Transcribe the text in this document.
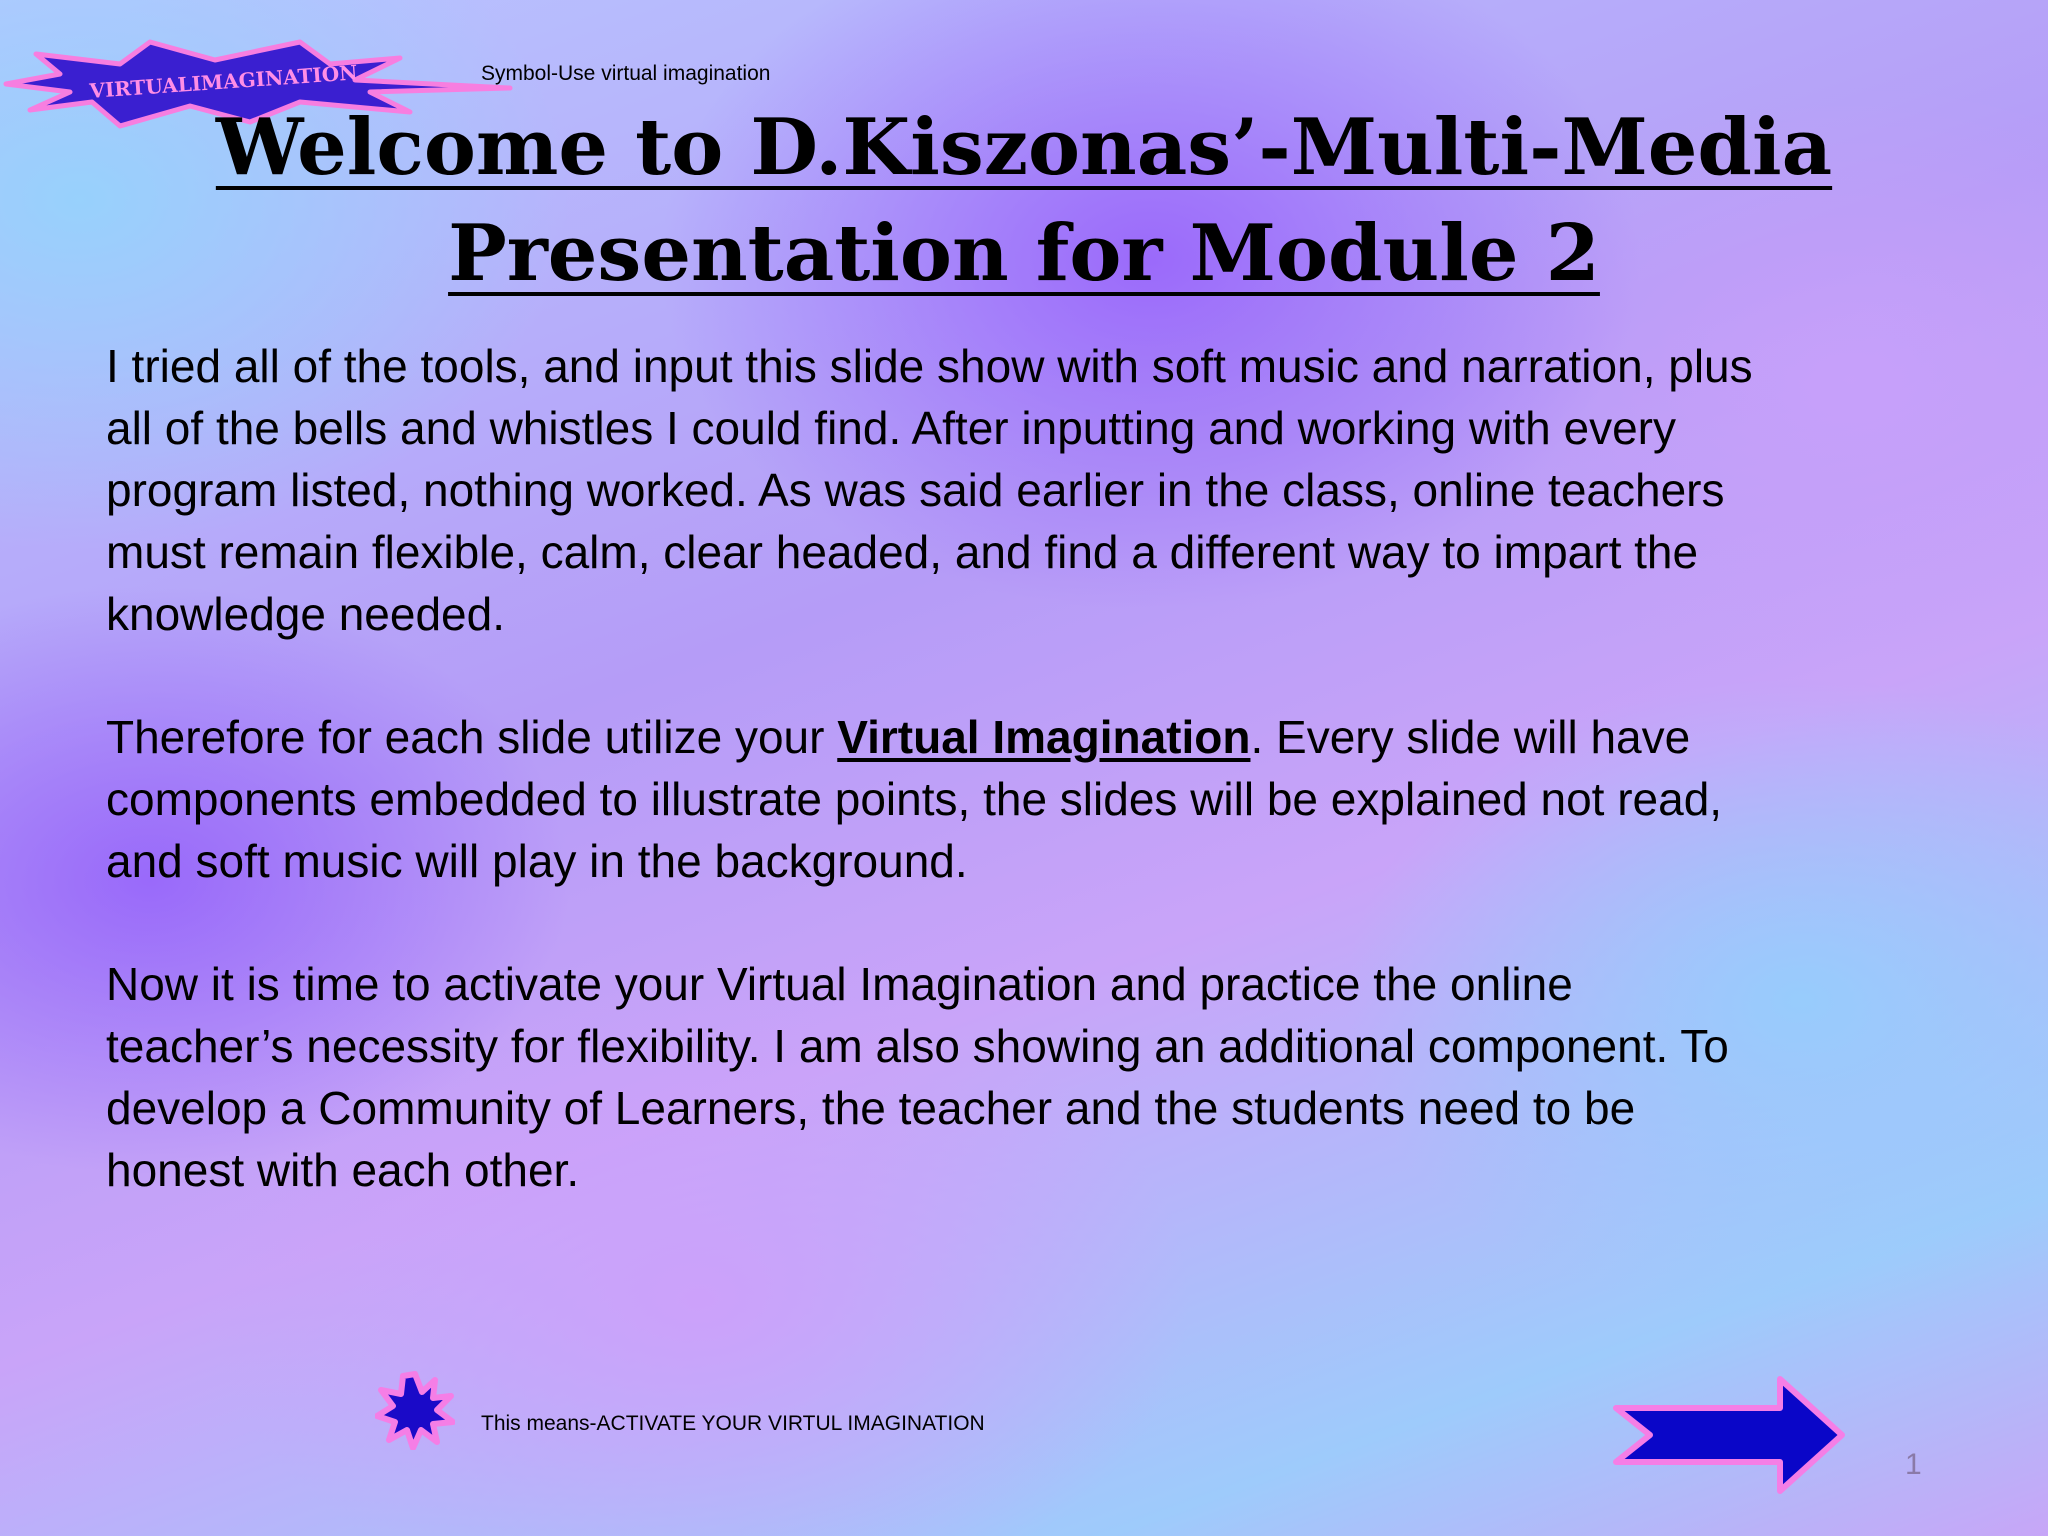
VIRTUALIMAGINATION	Symbol-Use virtual imagination
Welcome to D.Kiszonas’-Multi-Media
Presentation for Module 2

I tried all of the tools, and input this slide show with soft music and narration, plus
all of the bells and whistles I could find. After inputting and working with every
program listed, nothing worked. As was said earlier in the class, online teachers
must remain flexible, calm, clear headed, and find a different way to impart the
knowledge needed.

Therefore for each slide utilize your Virtual Imagination. Every slide will have
components embedded to illustrate points, the slides will be explained not read,
and soft music will play in the background.

Now it is time to activate your Virtual Imagination and practice the online
teacher’s necessity for flexibility. I am also showing an additional component. To
develop a Community of Learners, the teacher and the students need to be
honest with each other.

This means-ACTIVATE YOUR VIRTUL IMAGINATION
1
